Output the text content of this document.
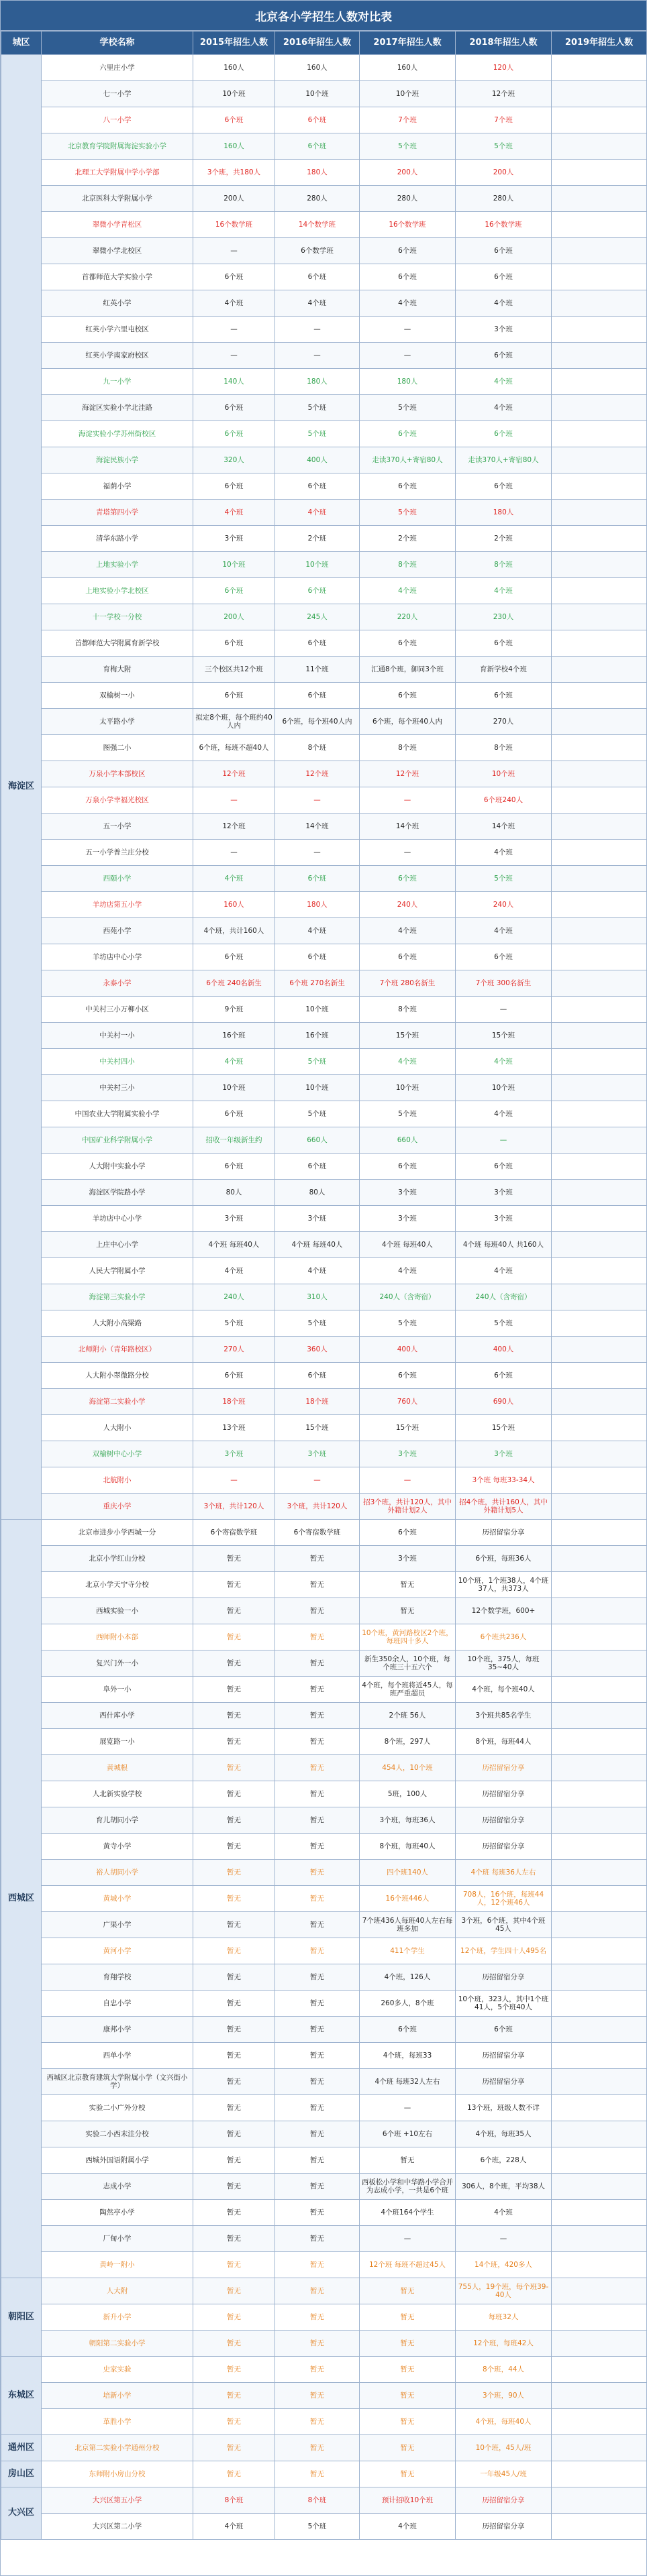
北京各小学招生人数对比表
城区	学校名称	2015年招生人数	2016年招生人数	2017年招生人数	2018年招生人数	2019年招生人数
海淀区	六里庄小学	160人	160人	160人	120人	
	七一小学	10个班	10个班	10个班	12个班	
	八一小学	6个班	6个班	7个班	7个班	
	北京教育学院附属海淀实验小学	160人	6个班	5个班	5个班	
	北理工大学附属中学小学部	3个班，共180人	180人	200人	200人	
	北京医科大学附属小学	200人	280人	280人	280人	
	翠微小学青松区	16个数学班	14个数学班	16个数学班	16个数学班	
	翠微小学北校区	—	6个数学班	6个班	6个班	
	首都师范大学实验小学	6个班	6个班	6个班	6个班	
	红英小学	4个班	4个班	4个班	4个班	
	红英小学六里屯校区	—	—	—	3个班	
	红英小学南家府校区	—	—	—	6个班	
	九一小学	140人	180人	180人	4个班	
	海淀区实验小学北洼路	6个班	5个班	5个班	4个班	
	海淀实验小学苏州街校区	6个班	5个班	6个班	6个班	
	海淀民族小学	320人	400人	走读370人+寄宿80人	走读370人+寄宿80人	
	福荫小学	6个班	6个班	6个班	6个班	
	青塔第四小学	4个班	4个班	5个班	180人	
	清华东路小学	3个班	2个班	2个班	2个班	
	上地实验小学	10个班	10个班	8个班	8个班	
	上地实验小学北校区	6个班	6个班	4个班	4个班	
	十一学校一分校	200人	245人	220人	230人	
	首都师范大学附属育新学校	6个班	6个班	6个班	6个班	
	育梅大附	三个校区共12个班	11个班	汇通8个班，御同3个班	育新学校4个班	
	双榆树一小	6个班	6个班	6个班	6个班	
	太平路小学	拟定8个班，每个班约40人内	6个班，每个班40人内	6个班，每个班40人内	270人	
	图强二小	6个班，每班不超40人	8个班	8个班	8个班	
	万泉小学本部校区	12个班	12个班	12个班	10个班	
	万泉小学幸福光校区	—	—	—	6个班240人	
	五一小学	12个班	14个班	14个班	14个班	
	五一小学普兰庄分校	—	—	—	4个班	
	西颐小学	4个班	6个班	6个班	5个班	
	羊坊店第五小学	160人	180人	240人	240人	
	西苑小学	4个班，共计160人	4个班	4个班	4个班	
	羊坊店中心小学	6个班	6个班	6个班	6个班	
	永泰小学	6个班 240名新生	6个班 270名新生	7个班 280名新生	7个班 300名新生	
	中关村三小万柳小区	9个班	10个班	8个班	—	
	中关村一小	16个班	16个班	15个班	15个班	
	中关村四小	4个班	5个班	4个班	4个班	
	中关村三小	10个班	10个班	10个班	10个班	
	中国农业大学附属实验小学	6个班	5个班	5个班	4个班	
	中国矿业科学附属小学	招收一年级新生约	660人	660人	—	
	人大附中实验小学	6个班	6个班	6个班	6个班	
	海淀区学院路小学	80人	80人	3个班	3个班	
	羊坊店中心小学	3个班	3个班	3个班	3个班	
	上庄中心小学	4个班 每班40人	4个班 每班40人	4个班 每班40人	4个班 每班40人 共160人	
	人民大学附属小学	4个班	4个班	4个班	4个班	
	海淀第三实验小学	240人	310人	240人（含寄宿）	240人（含寄宿）	
	人大附小高梁路	5个班	5个班	5个班	5个班	
	北师附小（青年路校区）	270人	360人	400人	400人	
	人大附小翠微路分校	6个班	6个班	6个班	6个班	
	海淀第二实验小学	18个班	18个班	760人	690人	
	人大附小	13个班	15个班	15个班	15个班	
	双榆树中心小学	3个班	3个班	3个班	3个班	
	北航附小	—	—	—	3个班 每班33-34人	
	重庆小学	3个班，共计120人	3个班，共计120人	招3个班，共计120人，其中外籍计划2人	招4个班，共计160人，其中外籍计划5人	
西城区	北京市进步小学西城一分	6个寄宿数学班	6个寄宿数学班	6个班	历招留宿分享	
	北京小学红山分校	暂无	暂无	3个班	6个班，每班36人	
	北京小学天宁寺分校	暂无	暂无	暂无	10个班，1个班38人，4个班37人，共373人	
	西城实验一小	暂无	暂无	暂无	12个数学班，600+	
	西师附小本部	暂无	暂无	10个班，黄河路校区2个班，每班四十多人	6个班共236人	
	复兴门外一小	暂无	暂无	新生350余人，10个班，每个班三十五六个	10个班，375人，每班35~40人	
	阜外一小	暂无	暂无	4个班，每个班将近45人，每班严重超员	4个班，每个班40人	
	西什库小学	暂无	暂无	2个班 56人	3个班共85名学生	
	展览路一小	暂无	暂无	8个班，297人	8个班，每班44人	
	黄城根	暂无	暂无	454人，10个班	历招留宿分享	
	人北新实验学校	暂无	暂无	5班，100人	历招留宿分享	
	育儿胡同小学	暂无	暂无	3个班，每班36人	历招留宿分享	
	黄寺小学	暂无	暂无	8个班，每班40人	历招留宿分享	
	裕人胡同小学	暂无	暂无	四个班140人	4个班 每班36人左右	
	黄城小学	暂无	暂无	16个班446人	708人，16个班，每班44人，12个班46人	
	广渠小学	暂无	暂无	7个班436人每班40人左右每班多加	3个班，6个班，其中4个班45人	
	黄河小学	暂无	暂无	411个学生	12个班，学生四十人495名	
	育翔学校	暂无	暂无	4个班，126人	历招留宿分享	
	自忠小学	暂无	暂无	260多人，8个班	10个班，323人，其中1个班41人，5个班40人	
	康邦小学	暂无	暂无	6个班	6个班	
	西单小学	暂无	暂无	4个班，每班33	历招留宿分享	
	西城区北京教育建筑大学附属小学（文兴街小学）	暂无	暂无	4个班 每班32人左右	历招留宿分享	
	实验二小广外分校	暂无	暂无	—	13个班，班级人数不详	
	实验二小西末洼分校	暂无	暂无	6个班 +10左右	4个班，每班35人	
	西城外国语附属小学	暂无	暂无	暂无	6个班，228人	
	志成小学	暂无	暂无	西板松小学和中华路小学合并为志成小学，一共是6个班	306人，8个班，平均38人	
	陶然亭小学	暂无	暂无	4个班164个学生	4个班	
	厂甸小学	暂无	暂无	—	—	
	黄岭一附小	暂无	暂无	12个班 每班不超过45人	14个班，420多人	
朝阳区	人大附	暂无	暂无	暂无	755人，19个班，每个班39-40人	
	新升小学	暂无	暂无	暂无	每班32人	
	朝阳第二实验小学	暂无	暂无	暂无	12个班，每班42人	
东城区	史家实验	暂无	暂无	暂无	8个班，44人	
	培新小学	暂无	暂无	暂无	3个班，90人	
	革胜小学	暂无	暂无	暂无	4个班，每班40人	
通州区	北京第二实验小学通州分校	暂无	暂无	暂无	10个班，45人/班	
房山区	东师附小房山分校	暂无	暂无	暂无	一年级45人/班	
大兴区	大兴区第五小学	8个班	8个班	预计招收10个班	历招留宿分享	
	大兴区第二小学	4个班	5个班	4个班	历招留宿分享	
